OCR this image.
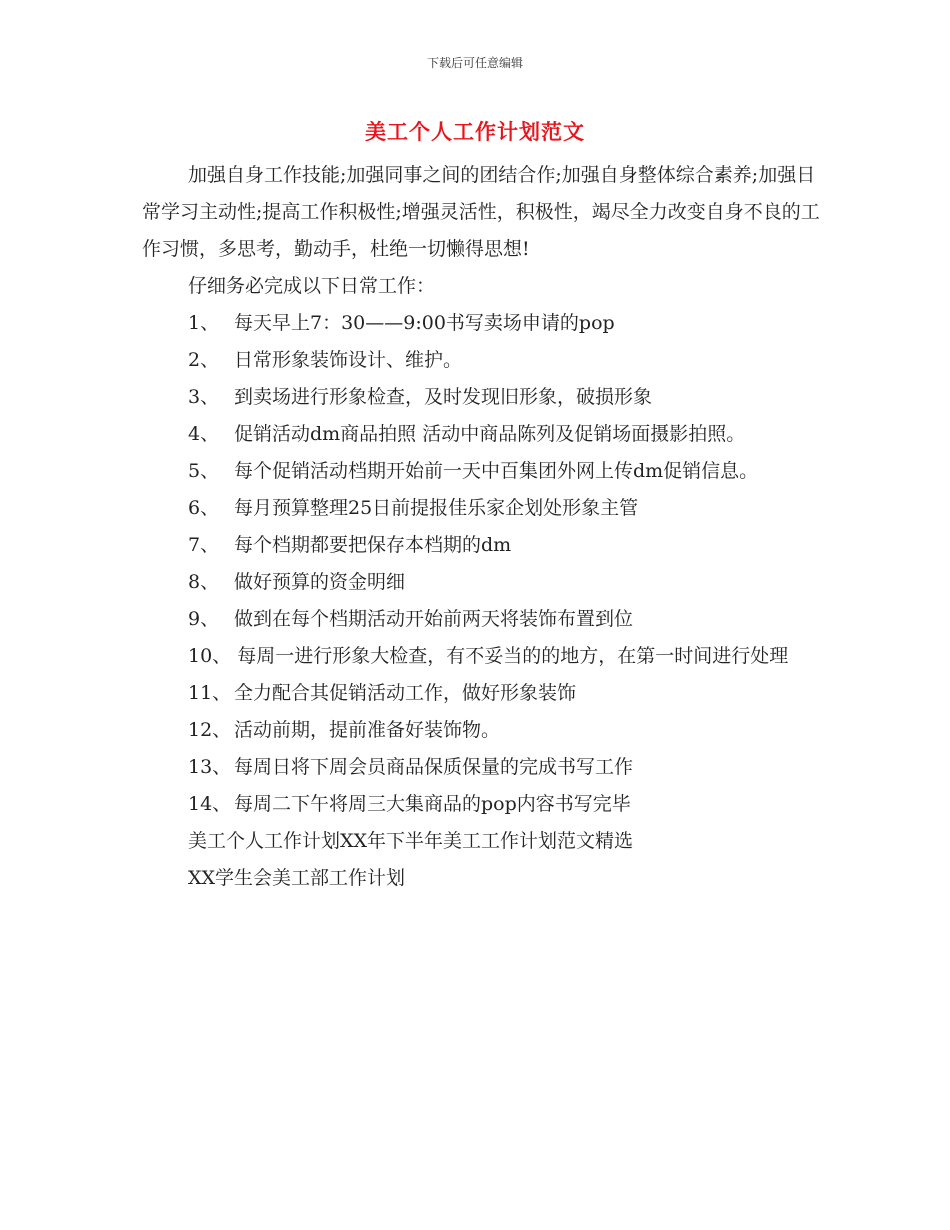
下载后可任意编辑
美工个人工作计划范文

加强自身工作技能;加强同事之间的团结合作;加强自身整体综合素养;加强日常学习主动性;提高工作积极性;增强灵活性，积极性，竭尽全力改变自身不良的工作习惯，多思考，勤动手，杜绝一切懒得思想!

仔细务必完成以下日常工作：

1、 每天早上7：30——9:00书写卖场申请的pop

2、 日常形象装饰设计、维护。

3、 到卖场进行形象检查，及时发现旧形象，破损形象

4、 促销活动dm商品拍照 活动中商品陈列及促销场面摄影拍照。

5、 每个促销活动档期开始前一天中百集团外网上传dm促销信息。

6、 每月预算整理25日前提报佳乐家企划处形象主管

7、 每个档期都要把保存本档期的dm

8、 做好预算的资金明细

9、 做到在每个档期活动开始前两天将装饰布置到位

10、 每周一进行形象大检查，有不妥当的的地方，在第一时间进行处理

11、 全力配合其促销活动工作，做好形象装饰

12、 活动前期，提前准备好装饰物。

13、 每周日将下周会员商品保质保量的完成书写工作

14、 每周二下午将周三大集商品的pop内容书写完毕

美工个人工作计划XX年下半年美工工作计划范文精选

XX学生会美工部工作计划
